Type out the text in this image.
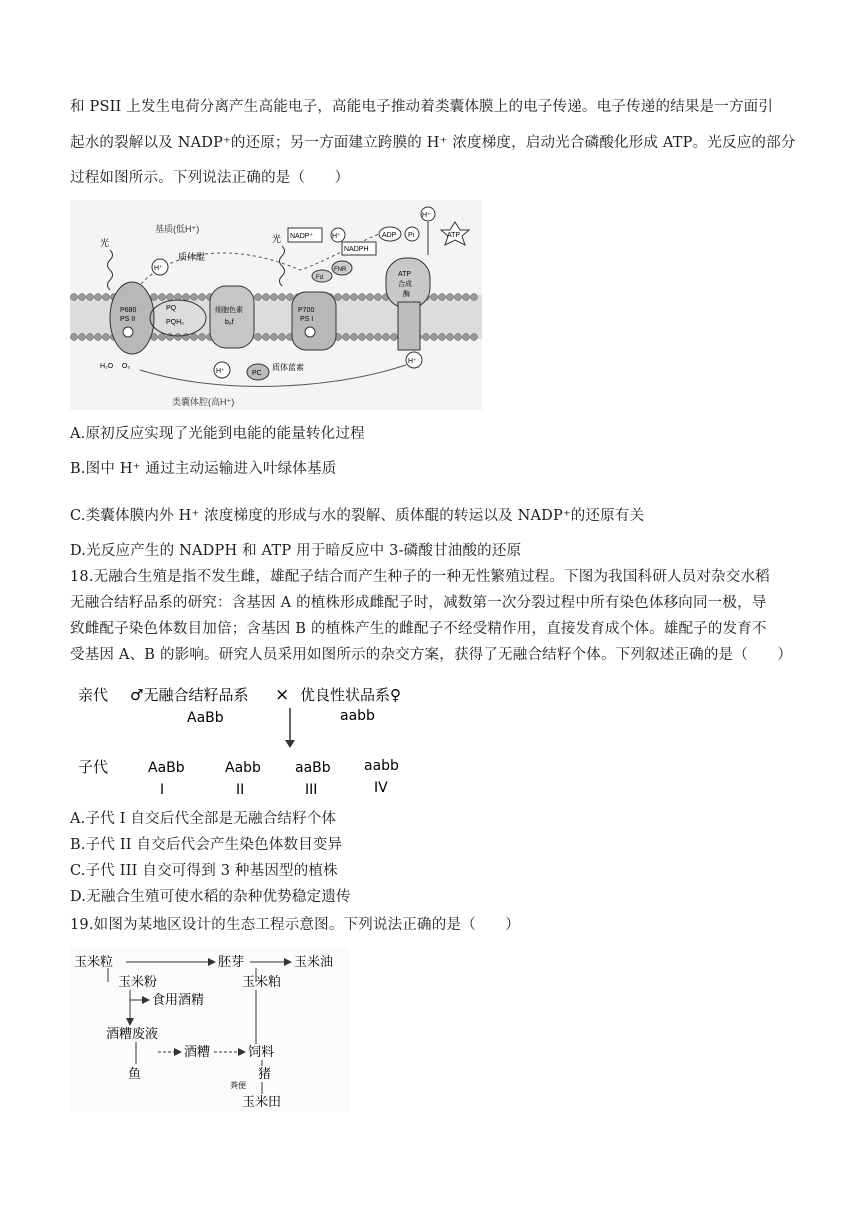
和 PSII 上发生电荷分离产生高能电子，高能电子推动着类囊体膜上的电子传递。电子传递的结果是一方面引
起水的裂解以及 NADP⁺的还原；另一方面建立跨膜的 H⁺ 浓度梯度，启动光合磷酸化形成 ATP。光反应的部分
过程如图所示。下列说法正确的是（　　）
基质(低H⁺)
类囊体腔(高H⁺)
光	光
P680
PS II
H⁺
质体醌
PQ
PQH₂
细胞色素
b₆f
PC
质体蓝素
P700
PS I
Fd
FNR
NADP⁺	H⁺
NADPH
ATP
合成
酶
ADP Pi	ATP
H⁺
H₂O O₂
H⁺
H⁺
A.原初反应实现了光能到电能的能量转化过程
B.图中 H⁺ 通过主动运输进入叶绿体基质
C.类囊体膜内外 H⁺ 浓度梯度的形成与水的裂解、质体醌的转运以及 NADP⁺的还原有关
D.光反应产生的 NADPH 和 ATP 用于暗反应中 3-磷酸甘油酸的还原
18.无融合生殖是指不发生雌，雄配子结合而产生种子的一种无性繁殖过程。下图为我国科研人员对杂交水稻
无融合结籽品系的研究：含基因 A 的植株形成雌配子时，减数第一次分裂过程中所有染色体移向同一极，导
致雌配子染色体数目加倍；含基因 B 的植株产生的雌配子不经受精作用，直接发育成个体。雄配子的发育不
受基因 A、B 的影响。研究人员采用如图所示的杂交方案，获得了无融合结籽个体。下列叙述正确的是（　　）
亲代 ♂无融合结籽品系 × 优良性状品系♀
AaBb	aabb
子代	AaBb
I
Aabb
II
aaBb
III
aabb
IV
A.子代 I 自交后代全部是无融合结籽个体
B.子代 II 自交后代会产生染色体数目变异
C.子代 III 自交可得到 3 种基因型的植株
D.无融合生殖可使水稻的杂种优势稳定遗传
19.如图为某地区设计的生态工程示意图。下列说法正确的是（　　）
玉米粒	胚芽	玉米油
玉米粉	玉米粕
食用酒精
酒糟废液
酒糟	饲料
鱼	猪
粪便
玉米田
